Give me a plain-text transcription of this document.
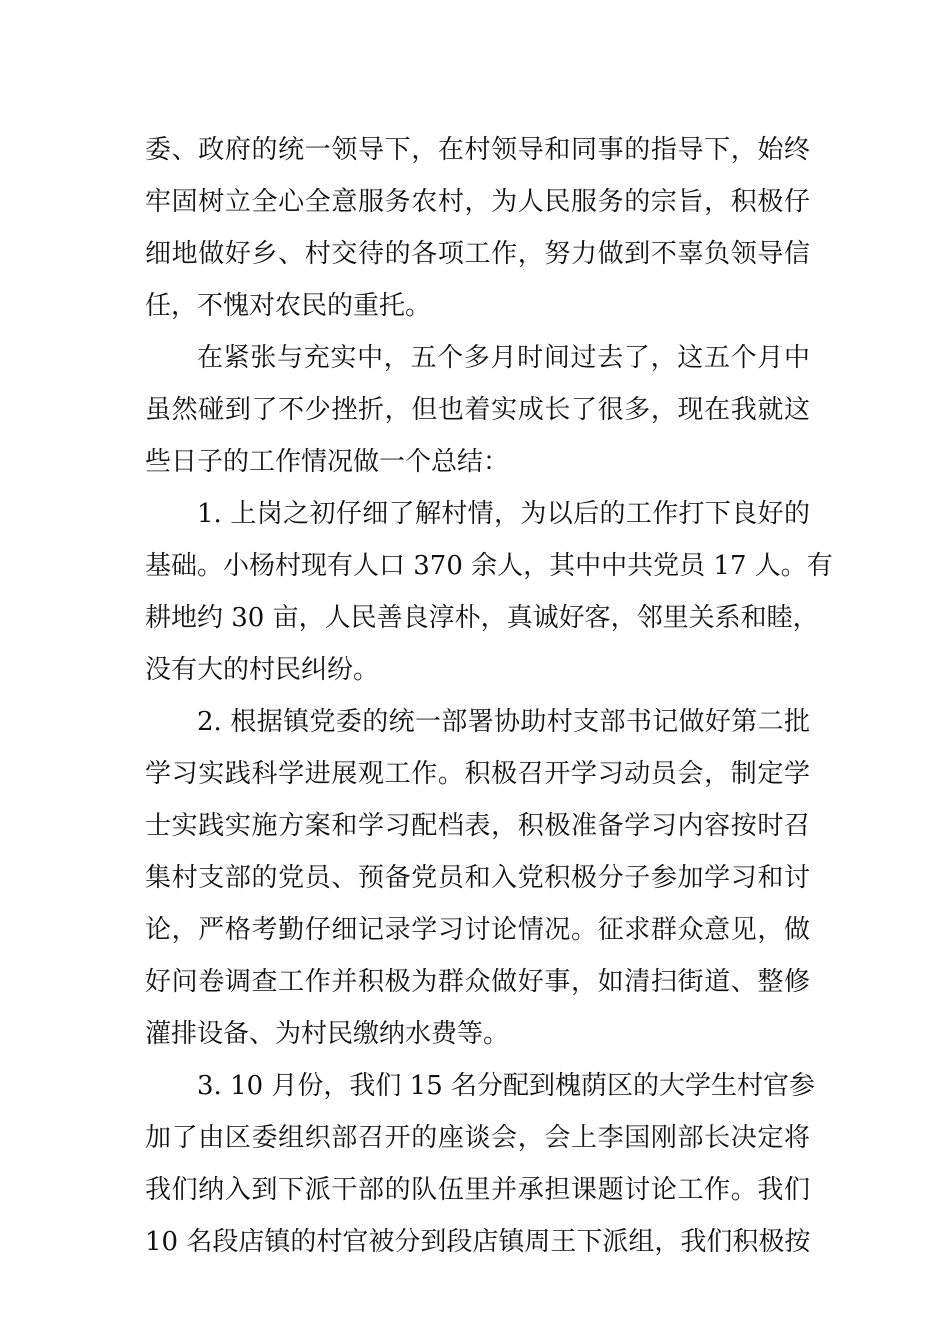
委、政府的统一领导下，在村领导和同事的指导下，始终
牢固树立全心全意服务农村，为人民服务的宗旨，积极仔
细地做好乡、村交待的各项工作，努力做到不辜负领导信
任，不愧对农民的重托。
在紧张与充实中，五个多月时间过去了，这五个月中
虽然碰到了不少挫折，但也着实成长了很多，现在我就这
些日子的工作情况做一个总结：
1. 上岗之初仔细了解村情，为以后的工作打下良好的
基础。小杨村现有人口 370 余人，其中中共党员 17 人。有
耕地约 30 亩，人民善良淳朴，真诚好客，邻里关系和睦，
没有大的村民纠纷。
2. 根据镇党委的统一部署协助村支部书记做好第二批
学习实践科学进展观工作。积极召开学习动员会，制定学
士实践实施方案和学习配档表，积极准备学习内容按时召
集村支部的党员、预备党员和入党积极分子参加学习和讨
论，严格考勤仔细记录学习讨论情况。征求群众意见，做
好问卷调查工作并积极为群众做好事，如清扫街道、整修
灌排设备、为村民缴纳水费等。
3. 10 月份，我们 15 名分配到槐荫区的大学生村官参
加了由区委组织部召开的座谈会，会上李国刚部长决定将
我们纳入到下派干部的队伍里并承担课题讨论工作。我们
10 名段店镇的村官被分到段店镇周王下派组，我们积极按
